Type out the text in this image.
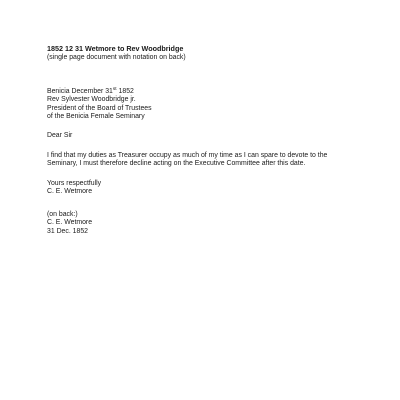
1852 12 31 Wetmore to Rev Woodbridge
(single page document with notation on back)
Benicia December 31st 1852
Rev Sylvester Woodbridge jr.
President of the Board of Trustees
of the Benicia Female Seminary
Dear Sir
I find that my duties as Treasurer occupy as much of my time as I can spare to devote to the
Seminary, I must therefore decline acting on the Executive Committee after this date.
Yours respectfully
C. E. Wetmore
(on back:)
C. E. Wetmore
31 Dec. 1852
